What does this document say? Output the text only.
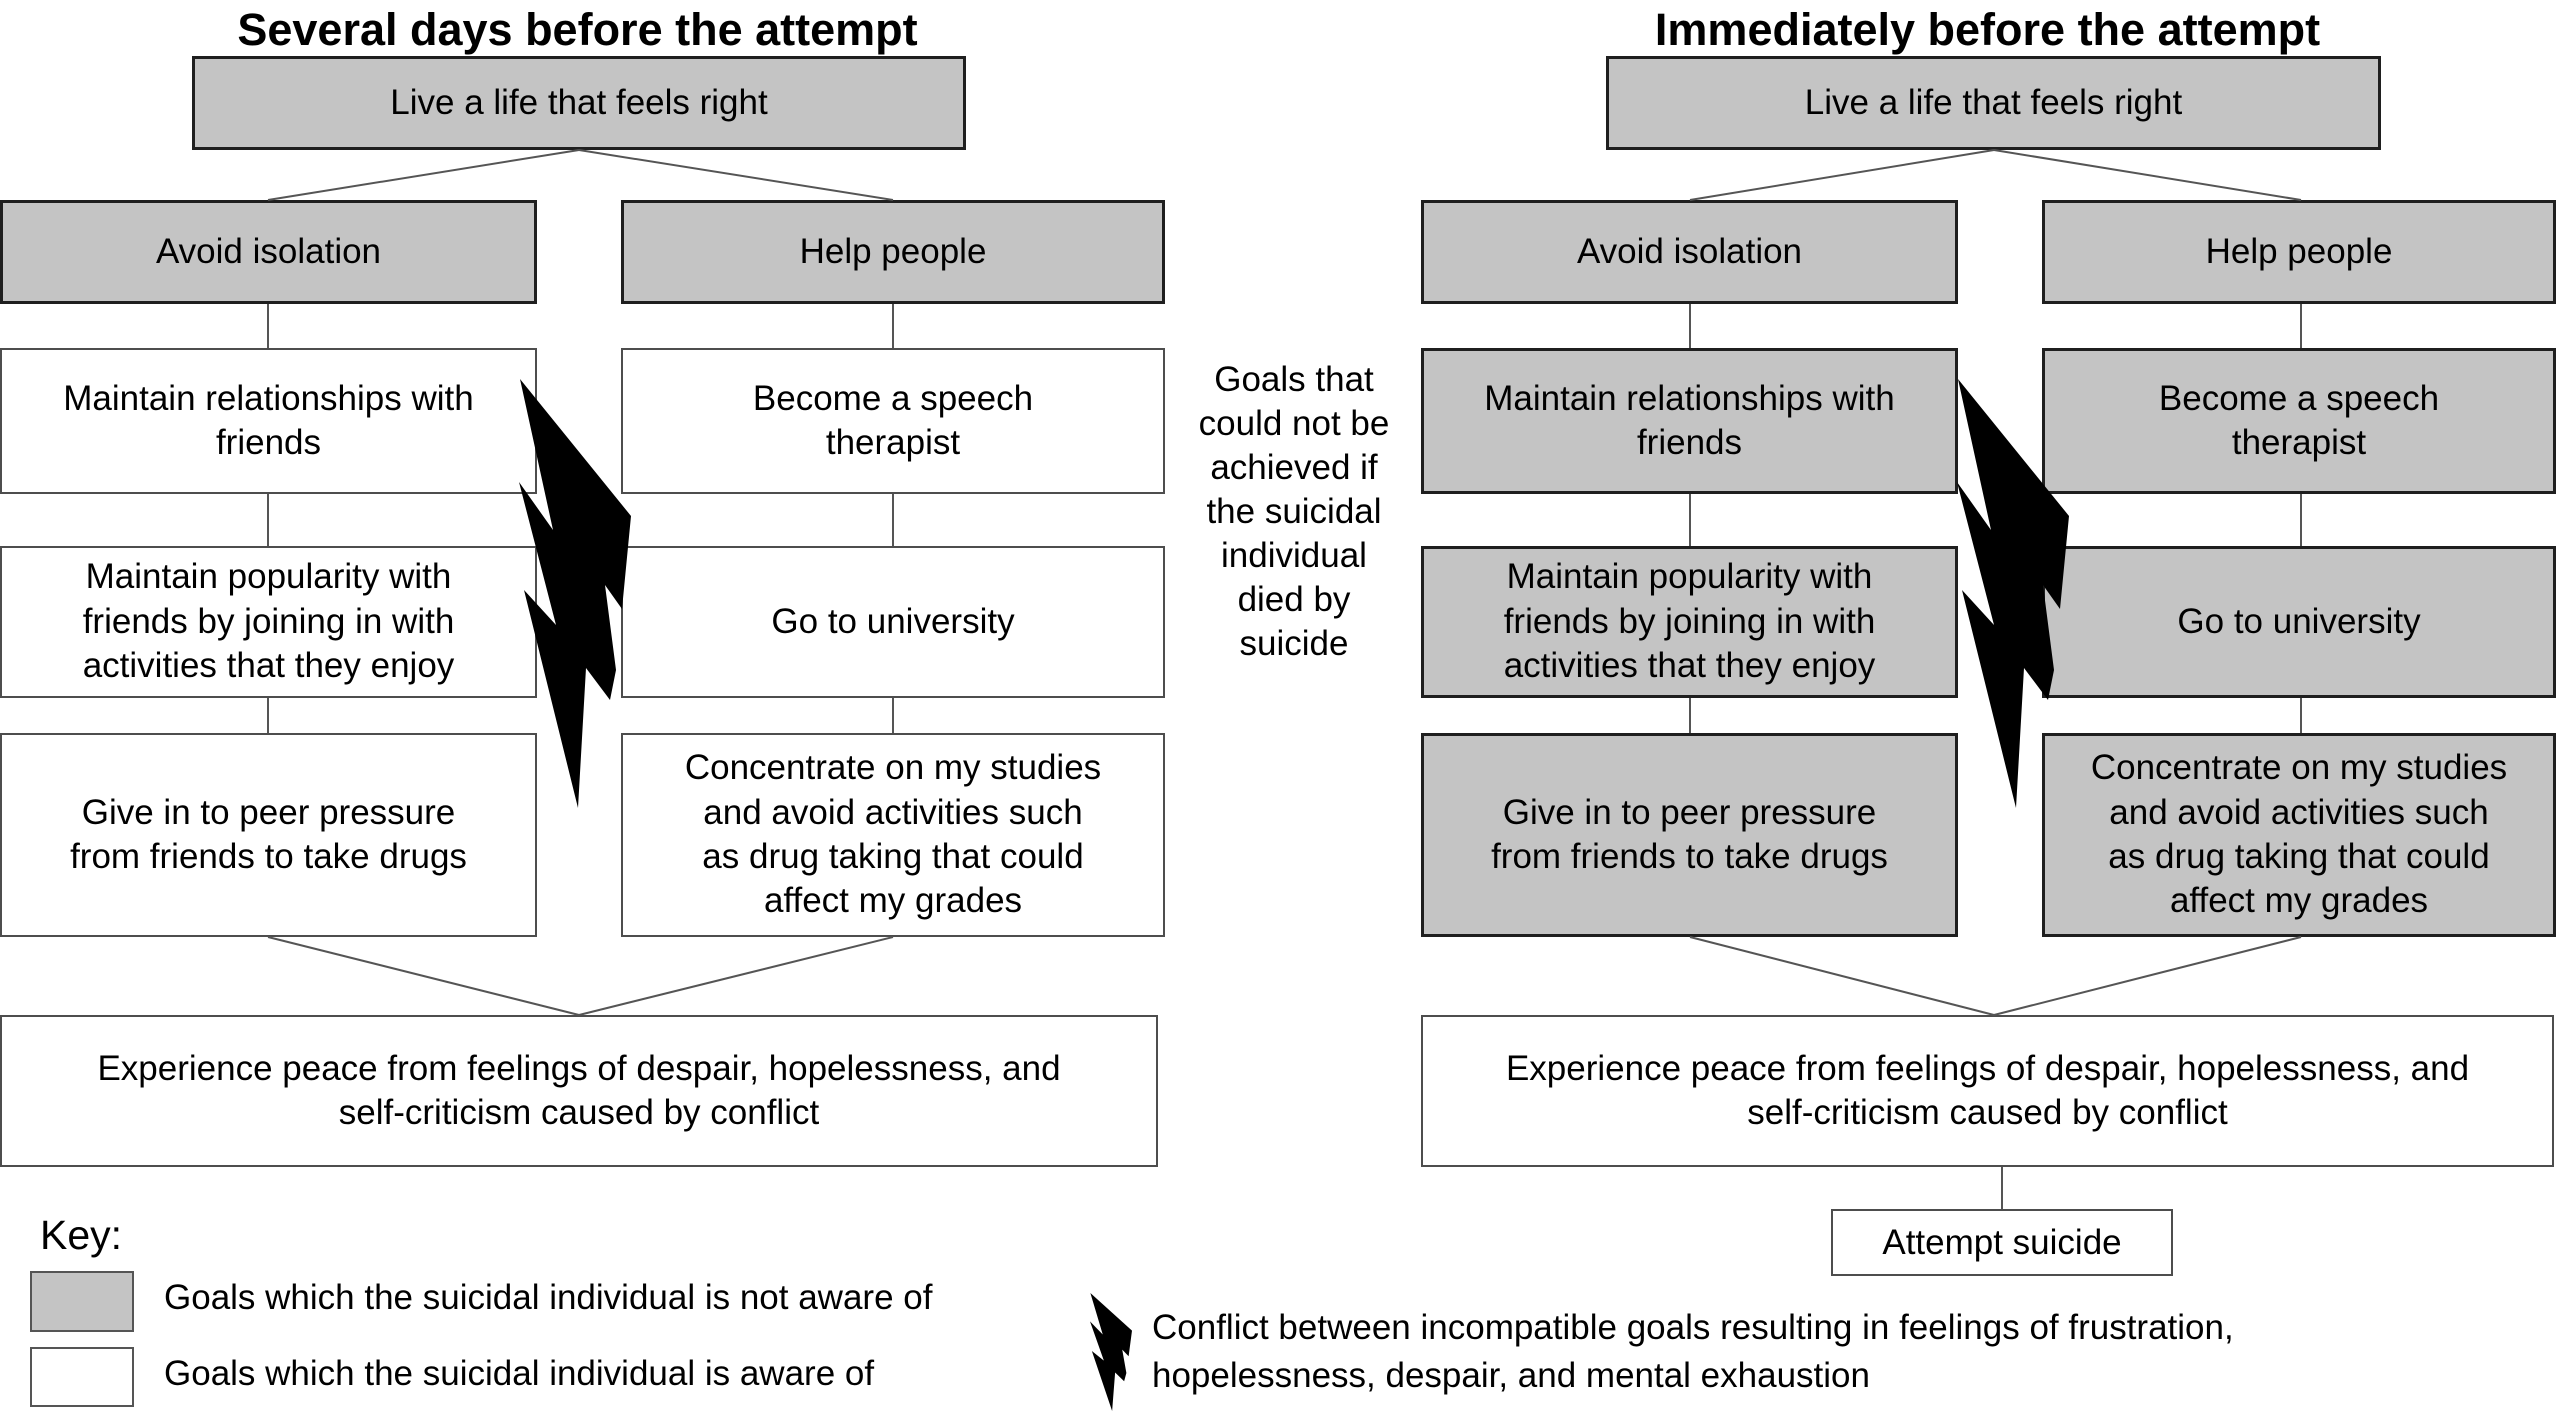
Several days before the attempt	Immediately before the attempt
Live a life that feels right
Avoid isolation	Help people
Maintain relationships with
friends
Become a speech
therapist
Maintain popularity with
friends by joining in with
activities that they enjoy
Go to university
Give in to peer pressure
from friends to take drugs
Concentrate on my studies
and avoid activities such
as drug taking that could
affect my grades
Experience peace from feelings of despair, hopelessness, and
self-criticism caused by conflict
Goals that
could not be
achieved if
the suicidal
individual
died by
suicide
Live a life that feels right
Avoid isolation	Help people
Maintain relationships with
friends
Become a speech
therapist
Maintain popularity with
friends by joining in with
activities that they enjoy
Go to university
Give in to peer pressure
from friends to take drugs
Concentrate on my studies
and avoid activities such
as drug taking that could
affect my grades
Experience peace from feelings of despair, hopelessness, and
self-criticism caused by conflict
Attempt suicide
Key:
Goals which the suicidal individual is not aware of
Goals which the suicidal individual is aware of
Conflict between incompatible goals resulting in feelings of frustration,
hopelessness, despair, and mental exhaustion
